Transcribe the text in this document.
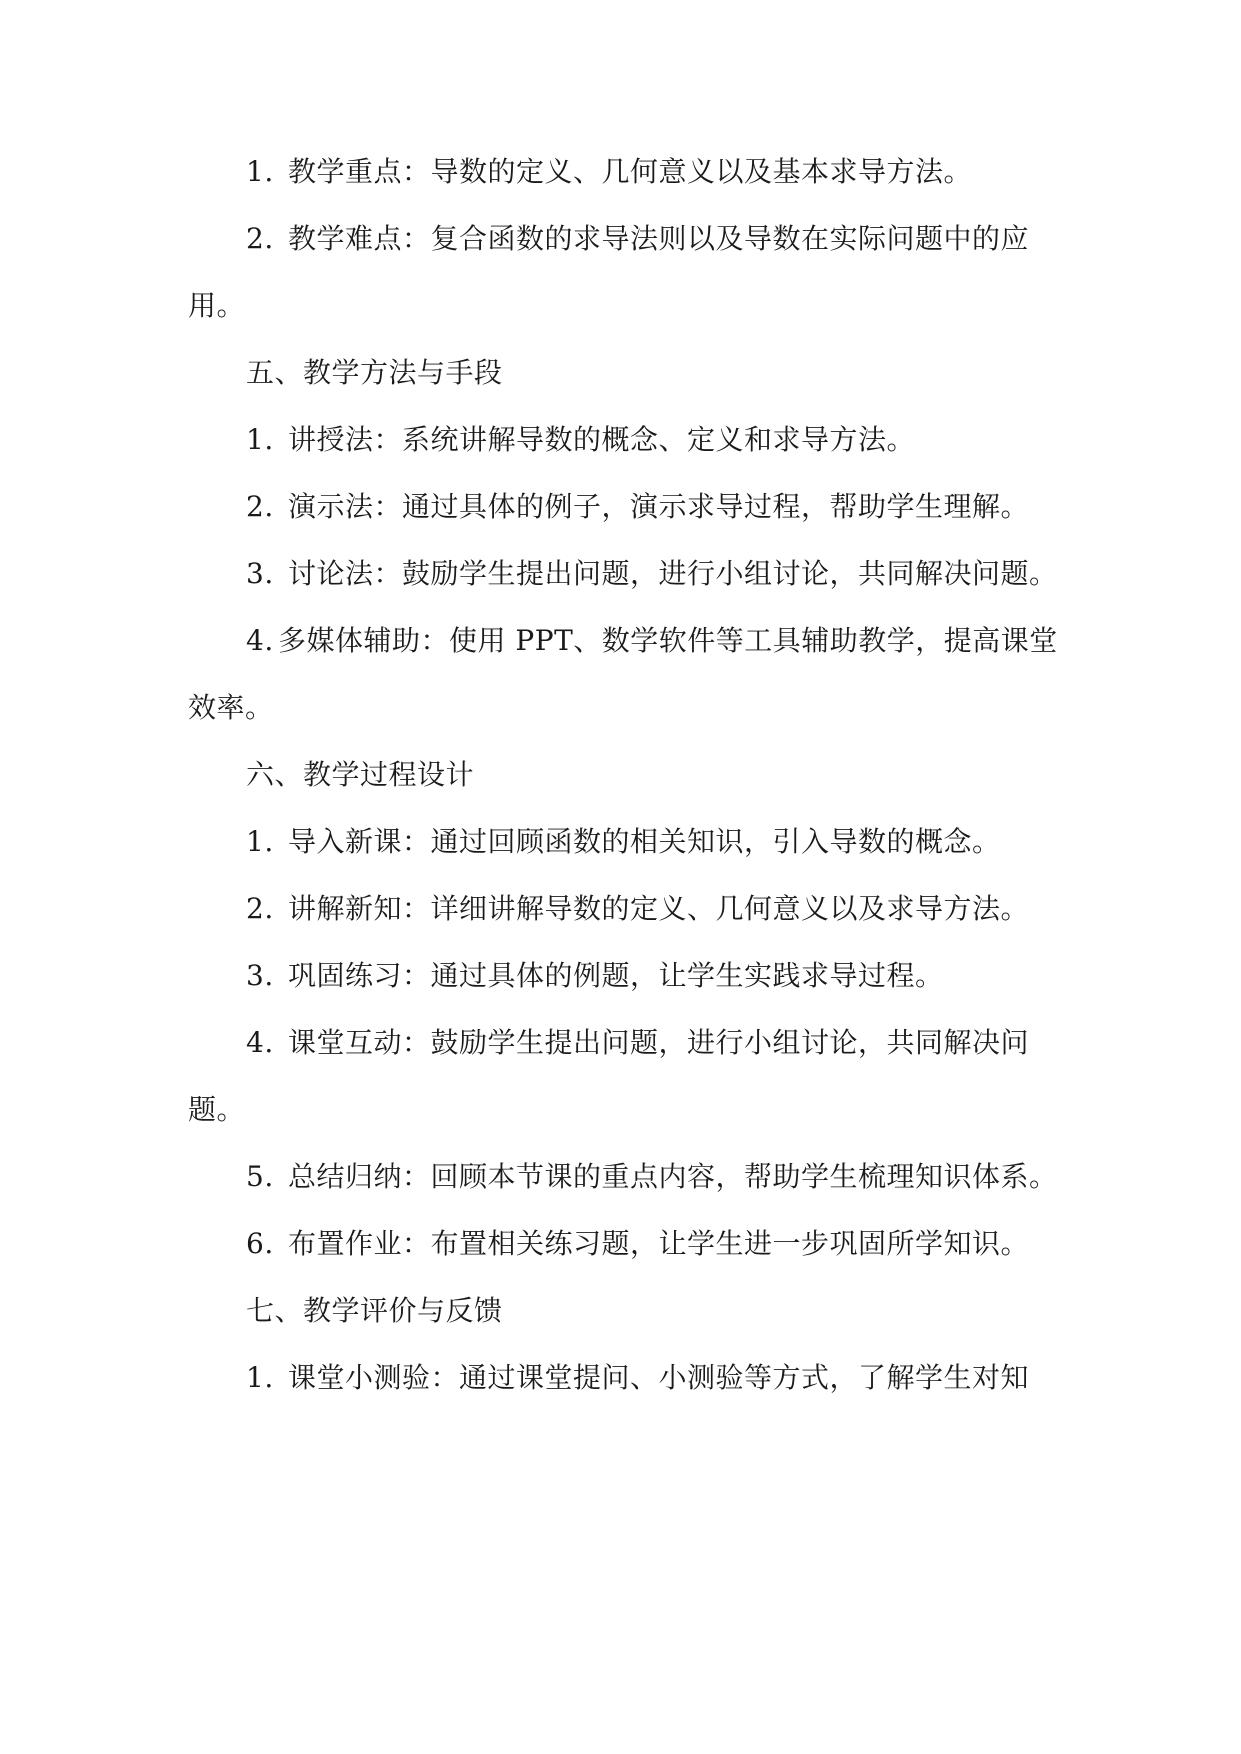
1. 教学重点：导数的定义、几何意义以及基本求导方法。
2. 教学难点：复合函数的求导法则以及导数在实际问题中的应
用。
五、教学方法与手段
1. 讲授法：系统讲解导数的概念、定义和求导方法。
2. 演示法：通过具体的例子，演示求导过程，帮助学生理解。
3. 讨论法：鼓励学生提出问题，进行小组讨论，共同解决问题。
4. 多媒体辅助：使用 PPT、数学软件等工具辅助教学，提高课堂
效率。
六、教学过程设计
1. 导入新课：通过回顾函数的相关知识，引入导数的概念。
2. 讲解新知：详细讲解导数的定义、几何意义以及求导方法。
3. 巩固练习：通过具体的例题，让学生实践求导过程。
4. 课堂互动：鼓励学生提出问题，进行小组讨论，共同解决问
题。
5. 总结归纳：回顾本节课的重点内容，帮助学生梳理知识体系。
6. 布置作业：布置相关练习题，让学生进一步巩固所学知识。
七、教学评价与反馈
1. 课堂小测验：通过课堂提问、小测验等方式，了解学生对知
